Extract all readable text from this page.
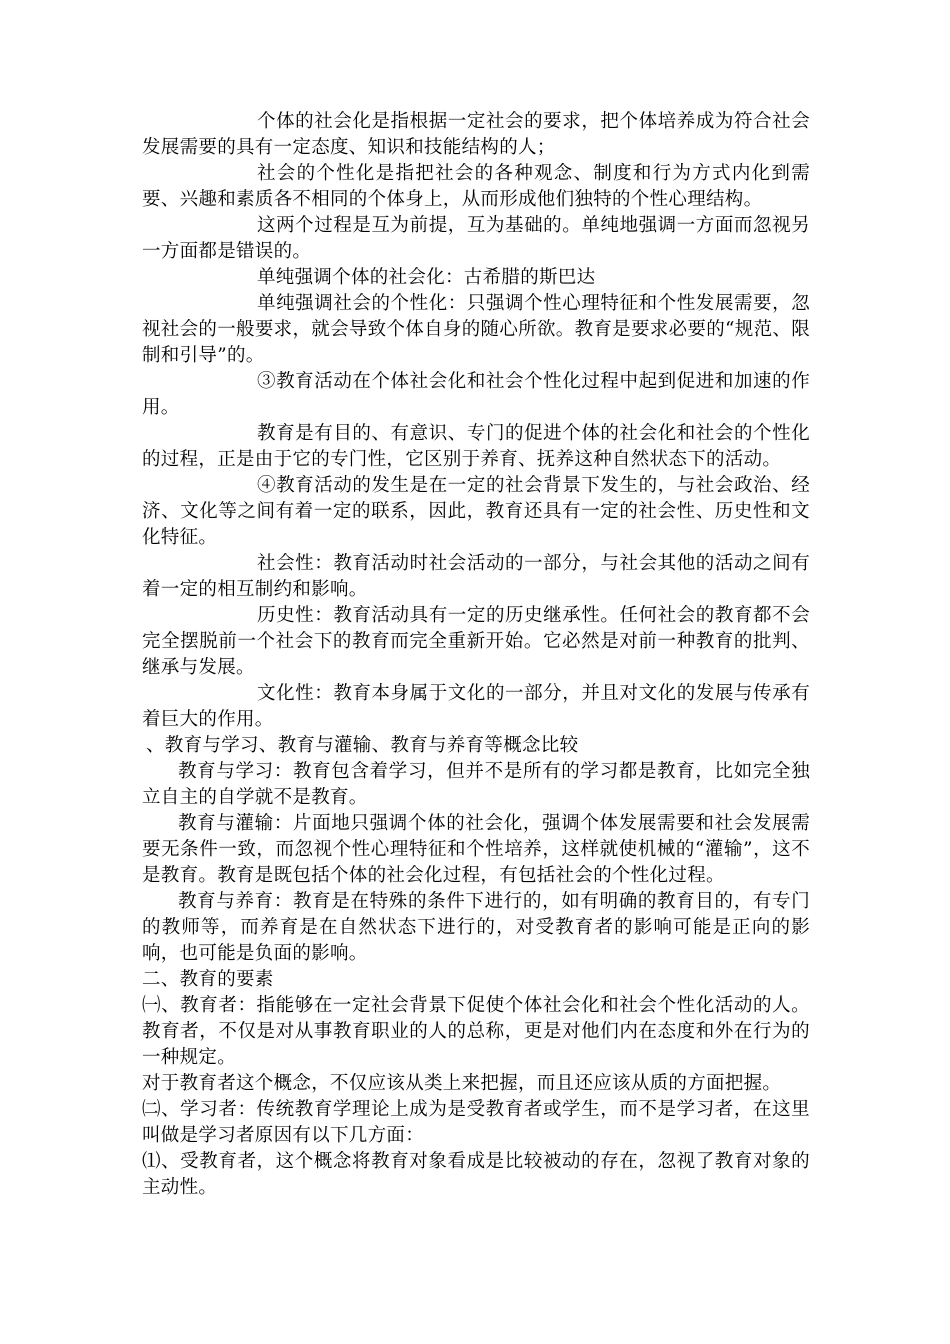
个体的社会化是指根据一定社会的要求，把个体培养成为符合社会发展需要的具有一定态度、知识和技能结构的人；

社会的个性化是指把社会的各种观念、制度和行为方式内化到需要、兴趣和素质各不相同的个体身上，从而形成他们独特的个性心理结构。

这两个过程是互为前提，互为基础的。单纯地强调一方面而忽视另一方面都是错误的。

单纯强调个体的社会化：古希腊的斯巴达

单纯强调社会的个性化：只强调个性心理特征和个性发展需要，忽视社会的一般要求，就会导致个体自身的随心所欲。教育是要求必要的“规范、限制和引导”的。

③教育活动在个体社会化和社会个性化过程中起到促进和加速的作用。

教育是有目的、有意识、专门的促进个体的社会化和社会的个性化的过程，正是由于它的专门性，它区别于养育、抚养这种自然状态下的活动。

④教育活动的发生是在一定的社会背景下发生的，与社会政治、经济、文化等之间有着一定的联系，因此，教育还具有一定的社会性、历史性和文化特征。

社会性：教育活动时社会活动的一部分，与社会其他的活动之间有着一定的相互制约和影响。

历史性：教育活动具有一定的历史继承性。任何社会的教育都不会完全摆脱前一个社会下的教育而完全重新开始。它必然是对前一种教育的批判、继承与发展。

文化性：教育本身属于文化的一部分，并且对文化的发展与传承有着巨大的作用。

、教育与学习、教育与灌输、教育与养育等概念比较

教育与学习：教育包含着学习，但并不是所有的学习都是教育，比如完全独立自主的自学就不是教育。

教育与灌输：片面地只强调个体的社会化，强调个体发展需要和社会发展需要无条件一致，而忽视个性心理特征和个性培养，这样就使机械的“灌输”，这不是教育。教育是既包括个体的社会化过程，有包括社会的个性化过程。

教育与养育：教育是在特殊的条件下进行的，如有明确的教育目的，有专门的教师等，而养育是在自然状态下进行的，对受教育者的影响可能是正向的影响，也可能是负面的影响。

二、教育的要素

㈠、教育者：指能够在一定社会背景下促使个体社会化和社会个性化活动的人。教育者，不仅是对从事教育职业的人的总称，更是对他们内在态度和外在行为的一种规定。

对于教育者这个概念，不仅应该从类上来把握，而且还应该从质的方面把握。

㈡、学习者：传统教育学理论上成为是受教育者或学生，而不是学习者，在这里叫做是学习者原因有以下几方面：

⑴、受教育者，这个概念将教育对象看成是比较被动的存在，忽视了教育对象的主动性。
